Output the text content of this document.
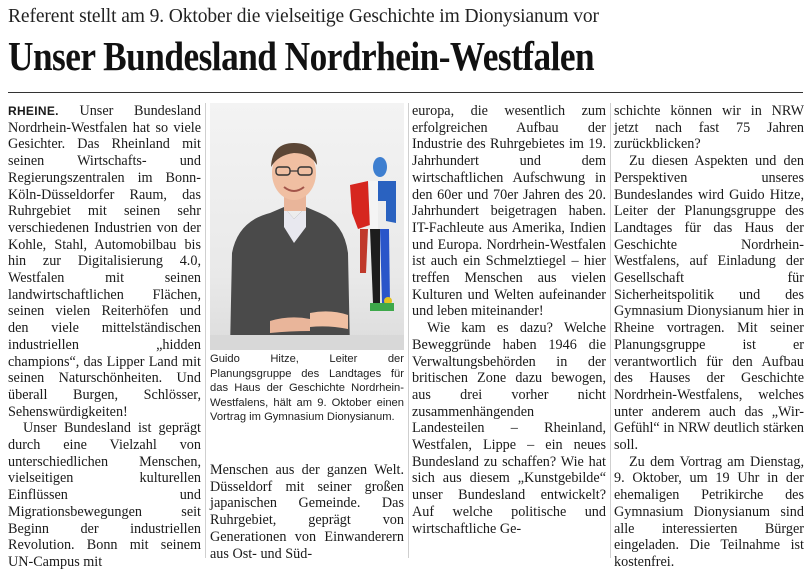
Referent stellt am 9. Oktober die vielseitige Geschichte im Dionysianum vor
Unser Bundesland Nordrhein-Westfalen

RHEINE. Unser Bundesland Nordrhein-Westfalen hat so viele Gesichter. Das Rheinland mit seinen Wirtschafts- und Regierungszentralen im Bonn-Köln-Düsseldorfer Raum, das Ruhrgebiet mit seinen sehr verschiedenen Industrien von der Kohle, Stahl, Automobilbau bis hin zur Digitalisierung 4.0, Westfalen mit seinen landwirtschaftlichen Flächen, seinen vielen Reiterhöfen und den viele mittelständischen industriellen „hidden champions“, das Lipper Land mit seinen Naturschönheiten. Und überall Burgen, Schlösser, Sehenswürdigkeiten!

Unser Bundesland ist geprägt durch eine Vielzahl von unterschiedlichen Menschen, vielseitigen kulturellen Einflüssen und Migrationsbewegungen seit Beginn der industriellen Revolution. Bonn mit seinem UN-Campus mit

Guido Hitze, Leiter der Planungsgruppe des Landtages für das Haus der Geschichte Nordrhein-Westfalens, hält am 9. Oktober einen Vortrag im Gymnasium Dionysianum.

Menschen aus der ganzen Welt. Düsseldorf mit seiner großen japanischen Gemeinde. Das Ruhrgebiet, geprägt von Generationen von Einwanderern aus Ost- und Süd-

europa, die wesentlich zum erfolgreichen Aufbau der Industrie des Ruhrgebietes im 19. Jahrhundert und dem wirtschaftlichen Aufschwung in den 60er und 70er Jahren des 20. Jahrhundert beigetragen haben. IT-Fachleute aus Amerika, Indien und Europa. Nordrhein-Westfalen ist auch ein Schmelztiegel – hier treffen Menschen aus vielen Kulturen und Welten aufeinander und leben miteinander!

Wie kam es dazu? Welche Beweggründe haben 1946 die Verwaltungsbehörden in der britischen Zone dazu bewogen, aus drei vorher nicht zusammenhängenden Landesteilen – Rheinland, Westfalen, Lippe – ein neues Bundesland zu schaffen? Wie hat sich aus diesem „Kunstgebilde“ unser Bundesland entwickelt? Auf welche politische und wirtschaftliche Ge-

schichte können wir in NRW jetzt nach fast 75 Jahren zurückblicken?

Zu diesen Aspekten und den Perspektiven unseres Bundeslandes wird Guido Hitze, Leiter der Planungsgruppe des Landtages für das Haus der Geschichte Nordrhein-Westfalens, auf Einladung der Gesellschaft für Sicherheitspolitik und des Gymnasium Dionysianum hier in Rheine vortragen. Mit seiner Planungsgruppe ist er verantwortlich für den Aufbau des Hauses der Geschichte Nordrhein-Westfalens, welches unter anderem auch das „Wir-Gefühl“ in NRW deutlich stärken soll.

Zu dem Vortrag am Dienstag, 9. Oktober, um 19 Uhr in der ehemaligen Petrikirche des Gymnasium Dionysianum sind alle interessierten Bürger eingeladen. Die Teilnahme ist kostenfrei.
